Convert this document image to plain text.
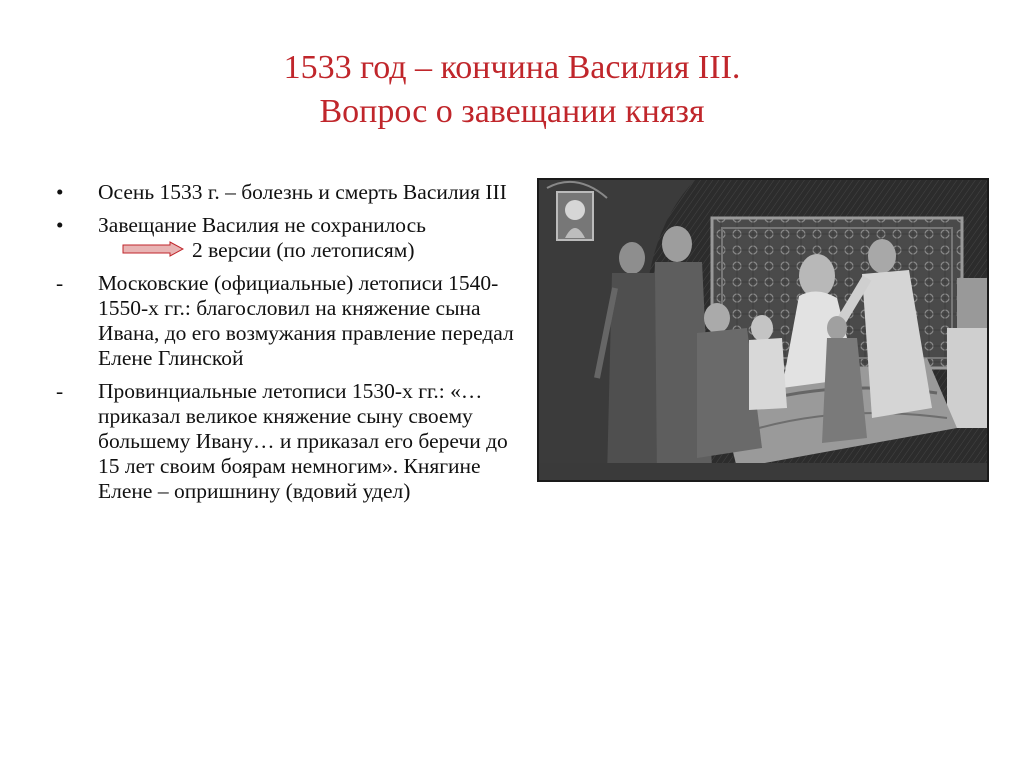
1533 год – кончина Василия III.
Вопрос о завещании князя
•	Осень 1533 г. – болезнь и смерть Василия III
•	Завещание Василия не сохранилось2 версии (по летописям)
-	Московские (официальные) летописи 1540-1550-х гг.: благословил на княжение сына Ивана, до его возмужания правление передал Елене Глинской
-	Провинциальные летописи 1530-х гг.: «…приказал великое княжение сыну своему большему Ивану… и приказал его беречи до 15 лет своим боярам немногим». Княгине Елене – опришнину (вдовий удел)
